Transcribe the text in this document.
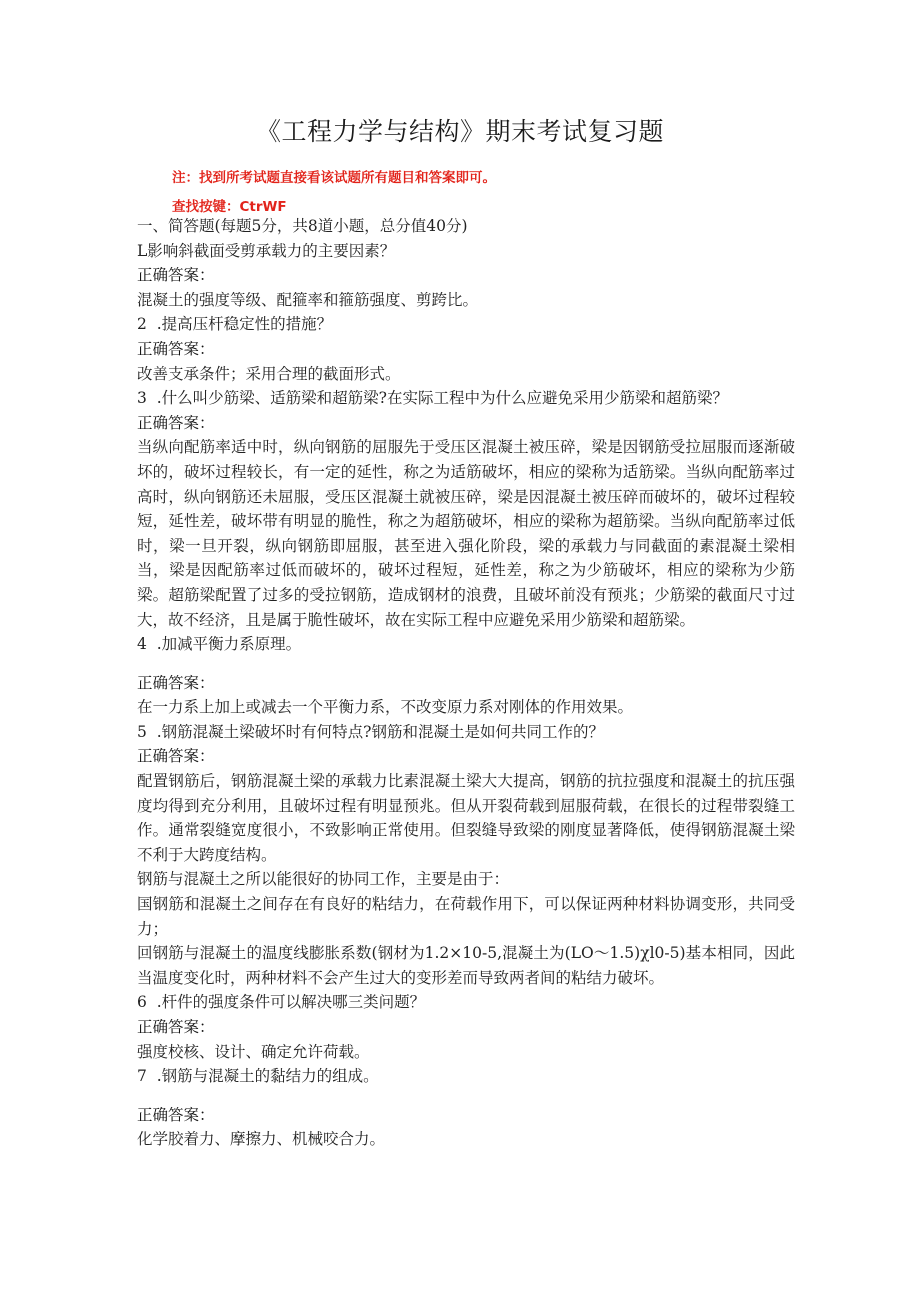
《工程力学与结构》期末考试复习题
注：找到所考试题直接看该试题所有题目和答案即可。
查找按键：CtrWF
一、简答题(每题5分，共8道小题，总分值40分)
L影响斜截面受剪承载力的主要因素？
正确答案：
混凝土的强度等级、配箍率和箍筋强度、剪跨比。
2  .提高压杆稳定性的措施？
正确答案：
改善支承条件；采用合理的截面形式。
3  .什么叫少筋梁、适筋梁和超筋梁?在实际工程中为什么应避免采用少筋梁和超筋梁？
正确答案：
当纵向配筋率适中时，纵向钢筋的屈服先于受压区混凝土被压碎，梁是因钢筋受拉屈服而逐渐破坏的，破坏过程较长，有一定的延性，称之为适筋破坏，相应的梁称为适筋梁。当纵向配筋率过高时，纵向钢筋还未屈服，受压区混凝土就被压碎，梁是因混凝土被压碎而破坏的，破坏过程较短，延性差，破坏带有明显的脆性，称之为超筋破坏，相应的梁称为超筋梁。当纵向配筋率过低时，梁一旦开裂，纵向钢筋即屈服，甚至进入强化阶段，梁的承载力与同截面的素混凝土梁相当，梁是因配筋率过低而破坏的，破坏过程短，延性差，称之为少筋破坏，相应的梁称为少筋梁。超筋梁配置了过多的受拉钢筋，造成钢材的浪费，且破坏前没有预兆；少筋梁的截面尺寸过大，故不经济，且是属于脆性破坏，故在实际工程中应避免采用少筋梁和超筋梁。
4  .加减平衡力系原理。
正确答案：
在一力系上加上或减去一个平衡力系，不改变原力系对刚体的作用效果。
5  .钢筋混凝土梁破坏时有何特点?钢筋和混凝土是如何共同工作的？
正确答案：
配置钢筋后，钢筋混凝土梁的承载力比素混凝土梁大大提高，钢筋的抗拉强度和混凝土的抗压强度均得到充分利用，且破坏过程有明显预兆。但从开裂荷载到屈服荷载，在很长的过程带裂缝工作。通常裂缝宽度很小，不致影响正常使用。但裂缝导致梁的刚度显著降低，使得钢筋混凝土梁不利于大跨度结构。
钢筋与混凝土之所以能很好的协同工作，主要是由于：
国钢筋和混凝土之间存在有良好的粘结力，在荷载作用下，可以保证两种材料协调变形，共同受力；
回钢筋与混凝土的温度线膨胀系数(钢材为1.2×10-5,混凝土为(LO～1.5)χl0-5)基本相同，因此当温度变化时，两种材料不会产生过大的变形差而导致两者间的粘结力破坏。
6  .杆件的强度条件可以解决哪三类问题？
正确答案：
强度校核、设计、确定允许荷载。
7  .钢筋与混凝土的黏结力的组成。
正确答案：
化学胶着力、摩擦力、机械咬合力。
